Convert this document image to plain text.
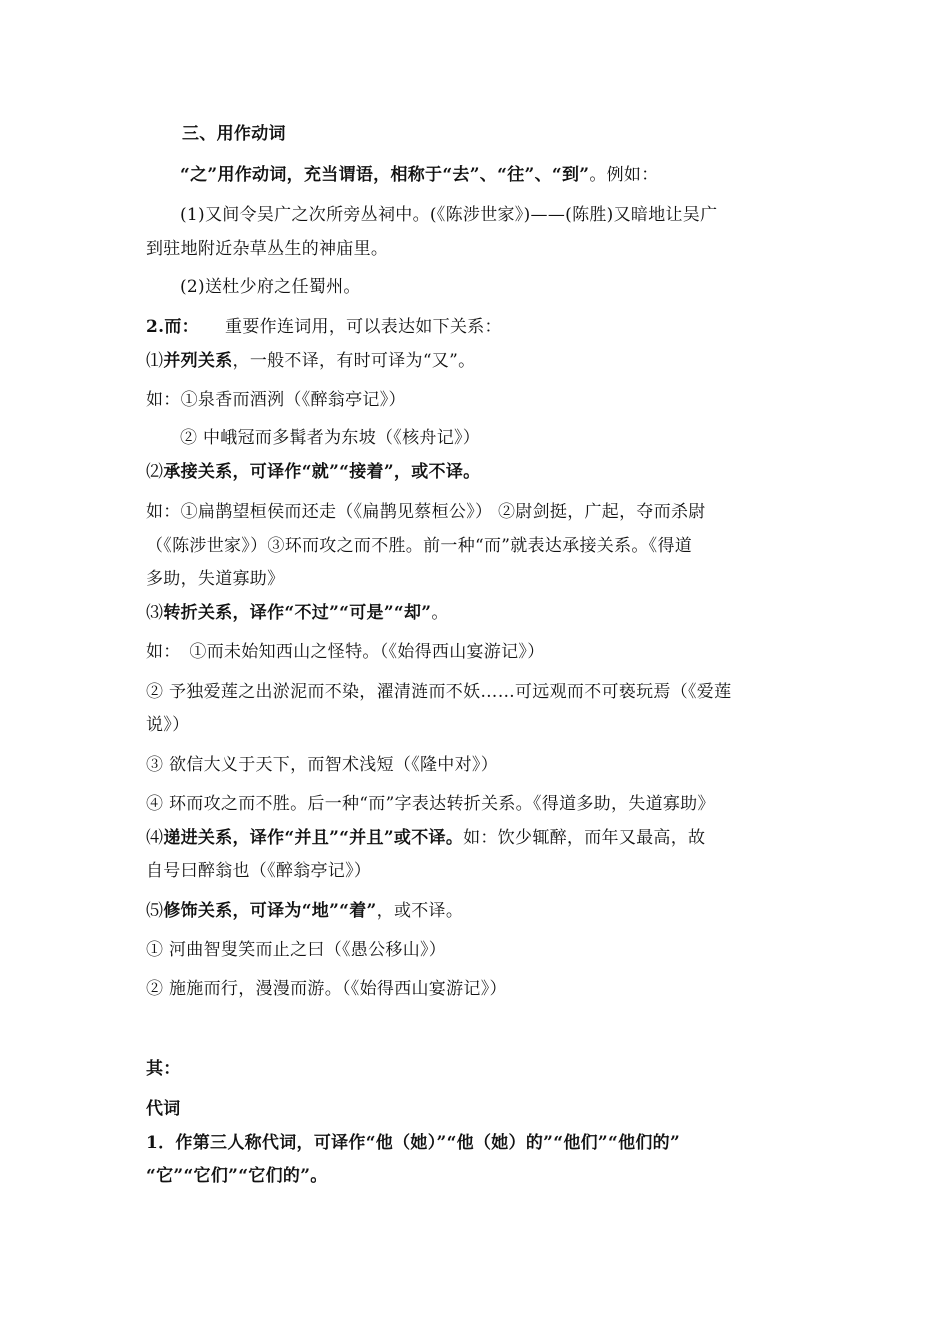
三、用作动词
“之”用作动词，充当谓语，相称于“去”、“往”、“到”。例如：
(1)又间令吴广之次所旁丛祠中。(《陈涉世家》)——(陈胜)又暗地让吴广
到驻地附近杂草丛生的神庙里。
(2)送杜少府之任蜀州。
2.而：　　重要作连词用，可以表达如下关系：
⑴并列关系，一般不译，有时可译为“又”。
如：①泉香而酒洌（《醉翁亭记》）
② 中峨冠而多髯者为东坡（《核舟记》）
⑵承接关系，可译作“就”“接着”，或不译。
如：①扁鹊望桓侯而还走（《扁鹊见蔡桓公》） ②尉剑挺，广起，夺而杀尉
（《陈涉世家》）③环而攻之而不胜。前一种“而”就表达承接关系。《得道
多助，失道寡助》
⑶转折关系，译作“不过”“可是”“却”。
如：　①而未始知西山之怪特。（《始得西山宴游记》）
② 予独爱莲之出淤泥而不染，濯清涟而不妖……可远观而不可亵玩焉（《爱莲
说》）
③ 欲信大义于天下，而智术浅短（《隆中对》）
④ 环而攻之而不胜。后一种“而”字表达转折关系。《得道多助，失道寡助》
⑷递进关系，译作“并且”“并且”或不译。如：饮少辄醉，而年又最高，故
自号曰醉翁也（《醉翁亭记》）
⑸修饰关系，可译为“地”“着”，或不译。
① 河曲智叟笑而止之曰（《愚公移山》）
② 施施而行，漫漫而游。（《始得西山宴游记》）
其：
代词
1．作第三人称代词，可译作“他（她）”“他（她）的”“他们”“他们的”
“它”“它们”“它们的”。
